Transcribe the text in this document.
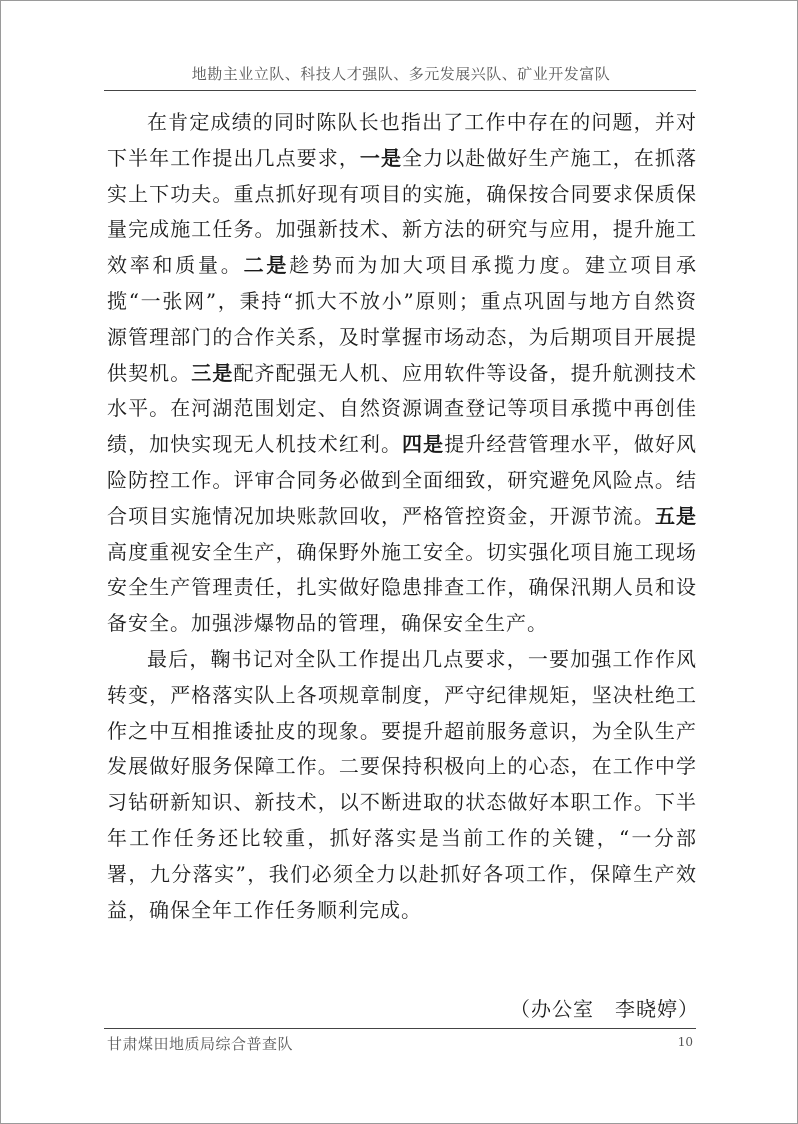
地勘主业立队、科技人才强队、多元发展兴队、矿业开发富队

在肯定成绩的同时陈队长也指出了工作中存在的问题，并对下半年工作提出几点要求，一是全力以赴做好生产施工，在抓落实上下功夫。重点抓好现有项目的实施，确保按合同要求保质保量完成施工任务。加强新技术、新方法的研究与应用，提升施工效率和质量。二是趁势而为加大项目承揽力度。建立项目承揽“一张网”，秉持“抓大不放小”原则；重点巩固与地方自然资源管理部门的合作关系，及时掌握市场动态，为后期项目开展提供契机。三是配齐配强无人机、应用软件等设备，提升航测技术水平。在河湖范围划定、自然资源调查登记等项目承揽中再创佳绩，加快实现无人机技术红利。四是提升经营管理水平，做好风险防控工作。评审合同务必做到全面细致，研究避免风险点。结合项目实施情况加块账款回收，严格管控资金，开源节流。五是高度重视安全生产，确保野外施工安全。切实强化项目施工现场安全生产管理责任，扎实做好隐患排查工作，确保汛期人员和设备安全。加强涉爆物品的管理，确保安全生产。

最后，鞠书记对全队工作提出几点要求，一要加强工作作风转变，严格落实队上各项规章制度，严守纪律规矩，坚决杜绝工作之中互相推诿扯皮的现象。要提升超前服务意识，为全队生产发展做好服务保障工作。二要保持积极向上的心态，在工作中学习钻研新知识、新技术，以不断进取的状态做好本职工作。下半年工作任务还比较重，抓好落实是当前工作的关键，“一分部署，九分落实”，我们必须全力以赴抓好各项工作，保障生产效益，确保全年工作任务顺利完成。

（办公室　李晓婷）
甘肃煤田地质局综合普查队	10
